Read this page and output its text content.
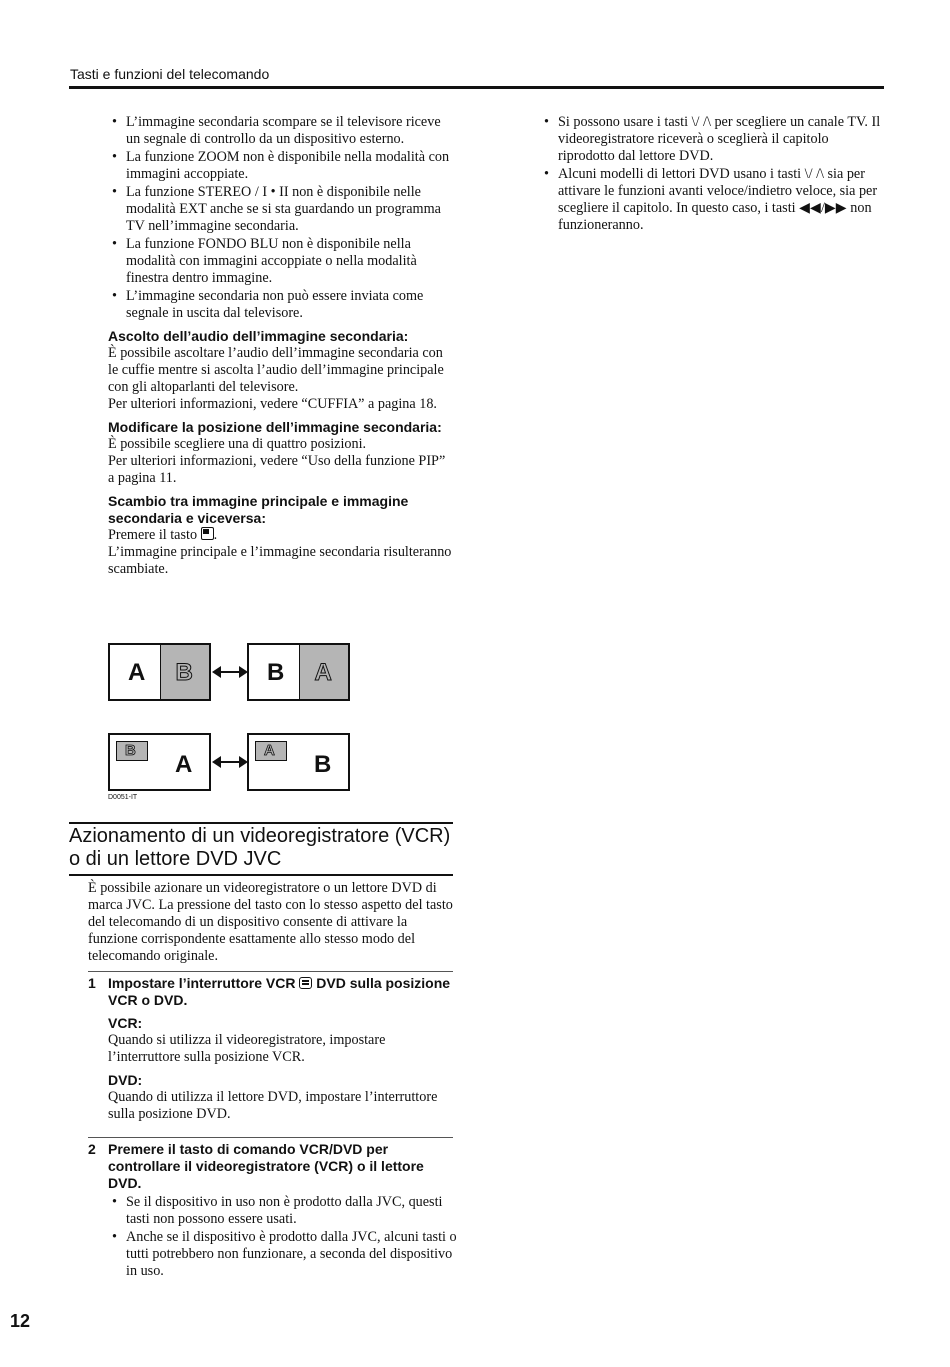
Tasti e funzioni del telecomando
• L’immagine secondaria scompare se il televisore riceve un segnale di controllo da un dispositivo esterno.
• La funzione ZOOM non è disponibile nella modalità con immagini accoppiate.
• La funzione STEREO / I • II non è disponibile nelle modalità EXT anche se si sta guardando un programma TV nell’immagine secondaria.
• La funzione FONDO BLU non è disponibile nella modalità con immagini accoppiate o nella modalità finestra dentro immagine.
• L’immagine secondaria non può essere inviata come segnale in uscita dal televisore.
Ascolto dell’audio dell’immagine secondaria:

È possibile ascoltare l’audio dell’immagine secondaria con le cuffie mentre si ascolta l’audio dell’immagine principale con gli altoparlanti del televisore.

Per ulteriori informazioni, vedere “CUFFIA” a pagina 18.

Modificare la posizione dell’immagine secondaria:

È possibile scegliere una di quattro posizioni.

Per ulteriori informazioni, vedere “Uso della funzione PIP” a pagina 11.

Scambio tra immagine principale e immagine secondaria e viceversa:

Premere il tasto .

L’immagine principale e l’immagine secondaria risulteranno scambiate.

A B	B A
B
A
A
B
D0051-IT
Azionamento di un videoregistratore (VCR) o di un lettore DVD JVC

È possibile azionare un videoregistratore o un lettore DVD di marca JVC. La pressione del tasto con lo stesso aspetto del tasto del telecomando di un dispositivo consente di attivare la funzione corrispondente esattamente allo stesso modo del telecomando originale.

1 Impostare l’interruttore VCR DVD sulla posizione VCR o DVD.

VCR:

Quando si utilizza il videoregistratore, impostare l’interruttore sulla posizione VCR.

DVD:

Quando di utilizza il lettore DVD, impostare l’interruttore sulla posizione DVD.

2 Premere il tasto di comando VCR/DVD per controllare il videoregistratore (VCR) o il lettore DVD.

• Se il dispositivo in uso non è prodotto dalla JVC, questi tasti non possono essere usati.
• Anche se il dispositivo è prodotto dalla JVC, alcuni tasti o tutti potrebbero non funzionare, a seconda del dispositivo in uso.
• Si possono usare i tasti \/ /\ per scegliere un canale TV. Il videoregistratore riceverà o sceglierà il capitolo riprodotto dal lettore DVD.
• Alcuni modelli di lettori DVD usano i tasti \/ /\ sia per attivare le funzioni avanti veloce/indietro veloce, sia per scegliere il capitolo. In questo caso, i tasti ◀◀/▶▶ non funzioneranno.
12
